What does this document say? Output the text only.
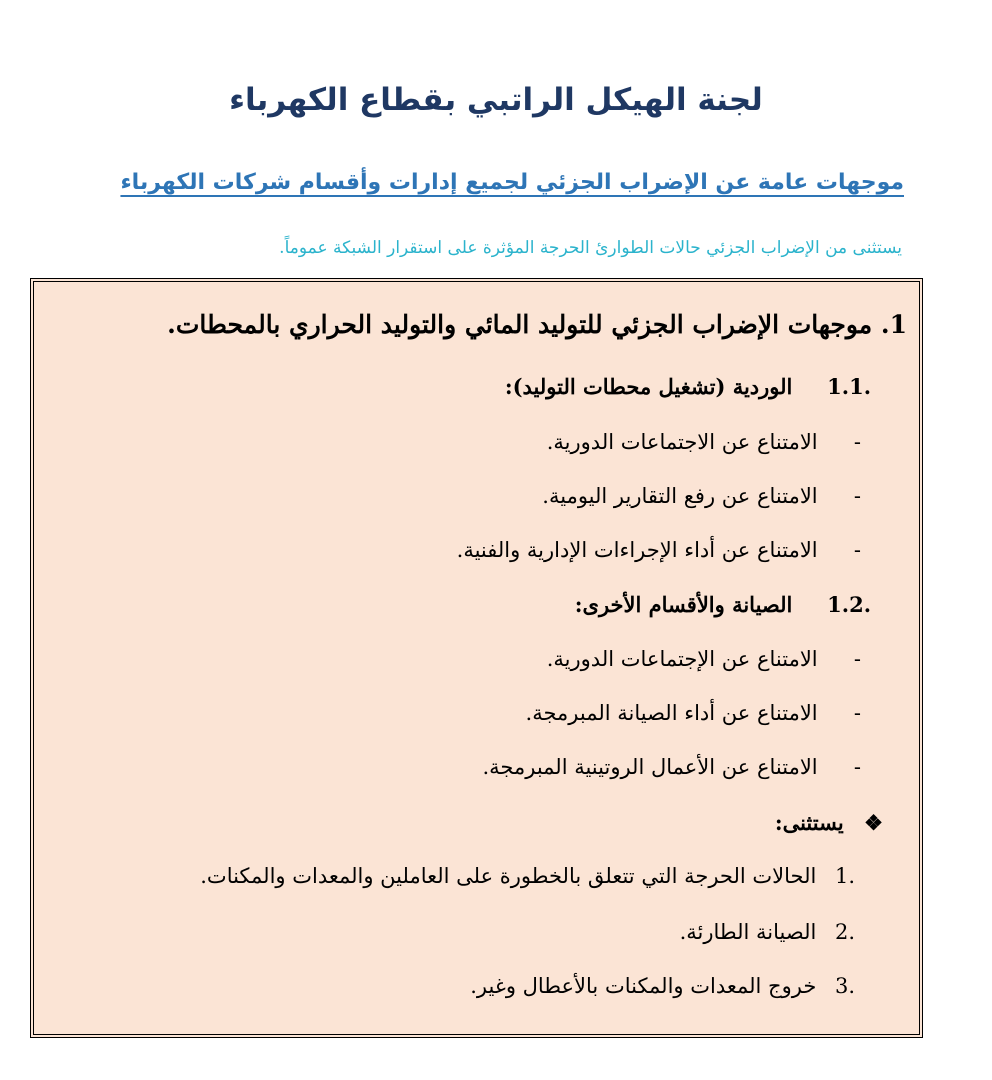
لجنة الهيكل الراتبي بقطاع الكهرباء

موجهات عامة عن الإضراب الجزئي لجميع إدارات وأقسام شركات الكهرباء

يستثنى من الإضراب الجزئي حالات الطوارئ الحرجة المؤثرة على استقرار الشبكة عموماً.

1. موجهات الإضراب الجزئي للتوليد المائي والتوليد الحراري بالمحطات.
.1.1  الوردية (تشغيل محطات التوليد):
-  الامتناع عن الاجتماعات الدورية.
-  الامتناع عن رفع التقارير اليومية.
-  الامتناع عن أداء الإجراءات الإدارية والفنية.
.1.2  الصيانة والأقسام الأخرى:
-  الامتناع عن الإجتماعات الدورية.
-  الامتناع عن أداء الصيانة المبرمجة.
-  الامتناع عن الأعمال الروتينية المبرمجة.
❖ يستثنى:
.1 الحالات الحرجة التي تتعلق بالخطورة على العاملين والمعدات والمكنات.
.2 الصيانة الطارئة.
.3 خروج المعدات والمكنات بالأعطال وغير.
